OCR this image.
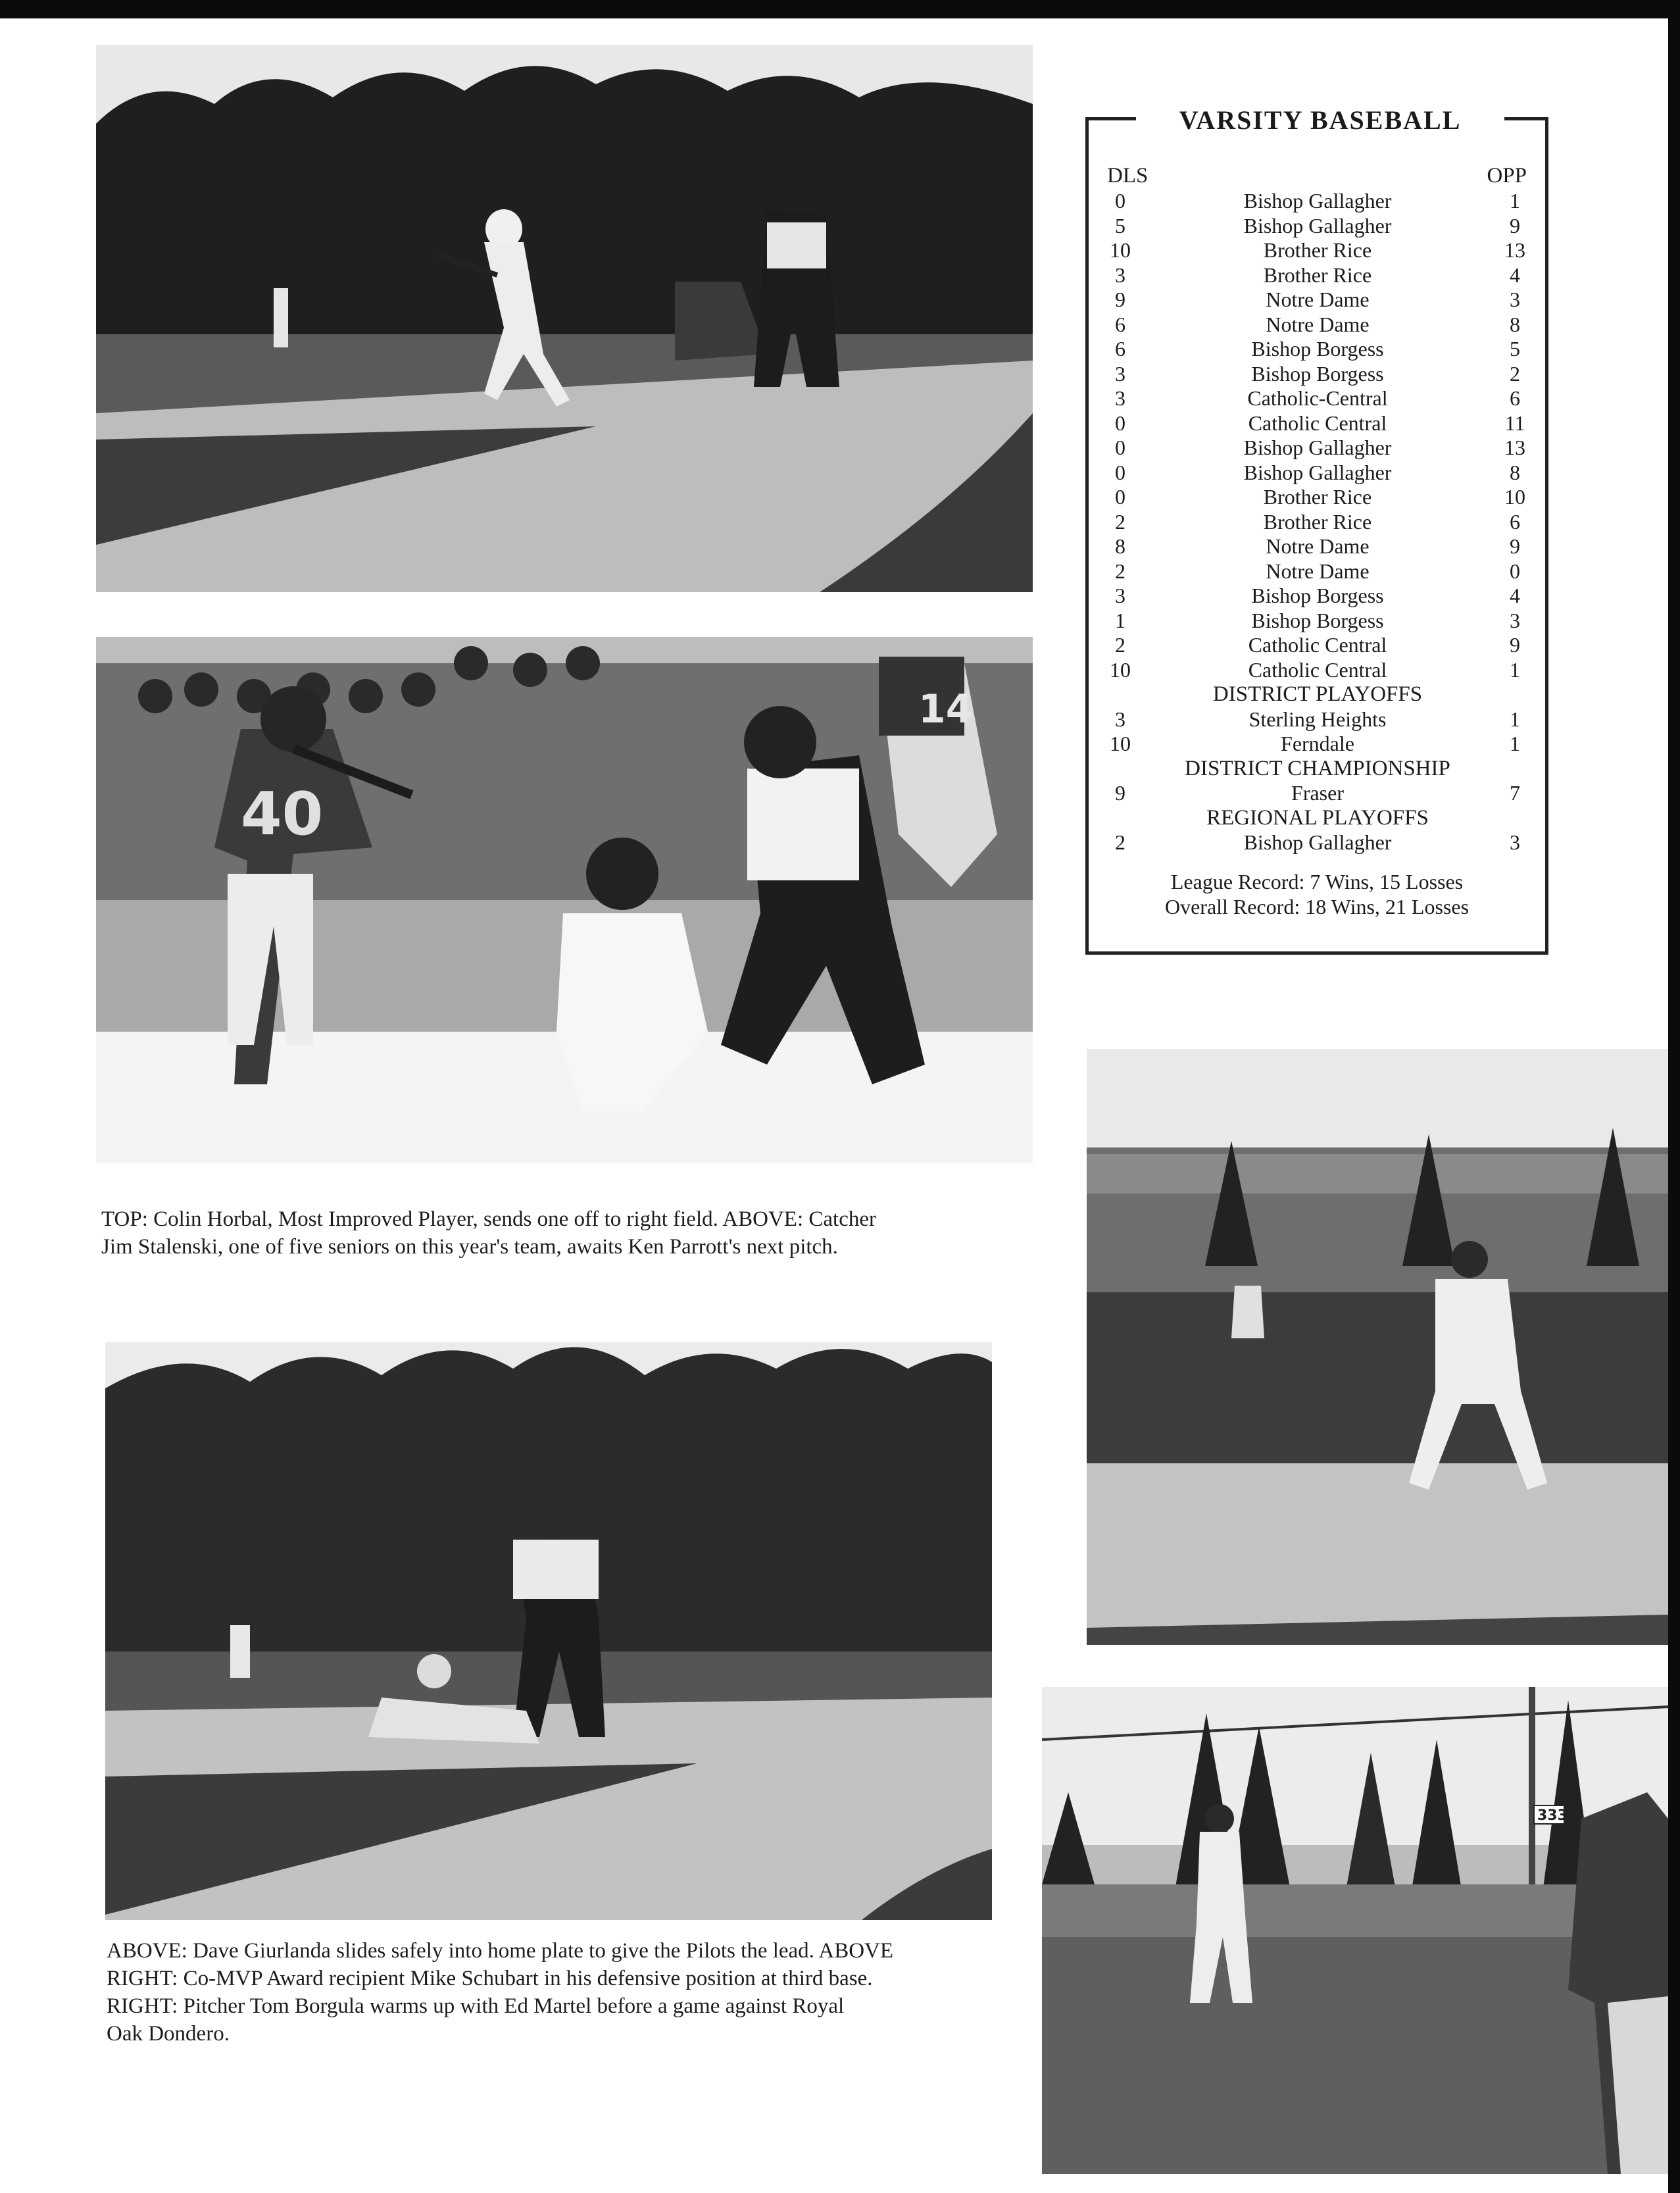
40
14
TOP: Colin Horbal, Most Improved Player, sends one off to right field. ABOVE: Catcher
Jim Stalenski, one of five seniors on this year's team, awaits Ken Parrott's next pitch.
ABOVE: Dave Giurlanda slides safely into home plate to give the Pilots the lead. ABOVE
RIGHT: Co-MVP Award recipient Mike Schubart in his defensive position at third base.
RIGHT: Pitcher Tom Borgula warms up with Ed Martel before a game against Royal
Oak Dondero.
VARSITY BASEBALL
DLS	OPP
0	Bishop Gallagher	1
5	Bishop Gallagher	9
10	Brother Rice	13
3	Brother Rice	4
9	Notre Dame	3
6	Notre Dame	8
6	Bishop Borgess	5
3	Bishop Borgess	2
3	Catholic-Central	6
0	Catholic Central	11
0	Bishop Gallagher	13
0	Bishop Gallagher	8
0	Brother Rice	10
2	Brother Rice	6
8	Notre Dame	9
2	Notre Dame	0
3	Bishop Borgess	4
1	Bishop Borgess	3
2	Catholic Central	9
10	Catholic Central	1
DISTRICT PLAYOFFS
3	Sterling Heights	1
10	Ferndale	1
DISTRICT CHAMPIONSHIP
9	Fraser	7
REGIONAL PLAYOFFS
2	Bishop Gallagher	3
League Record: 7 Wins, 15 Losses
Overall Record: 18 Wins, 21 Losses
333
